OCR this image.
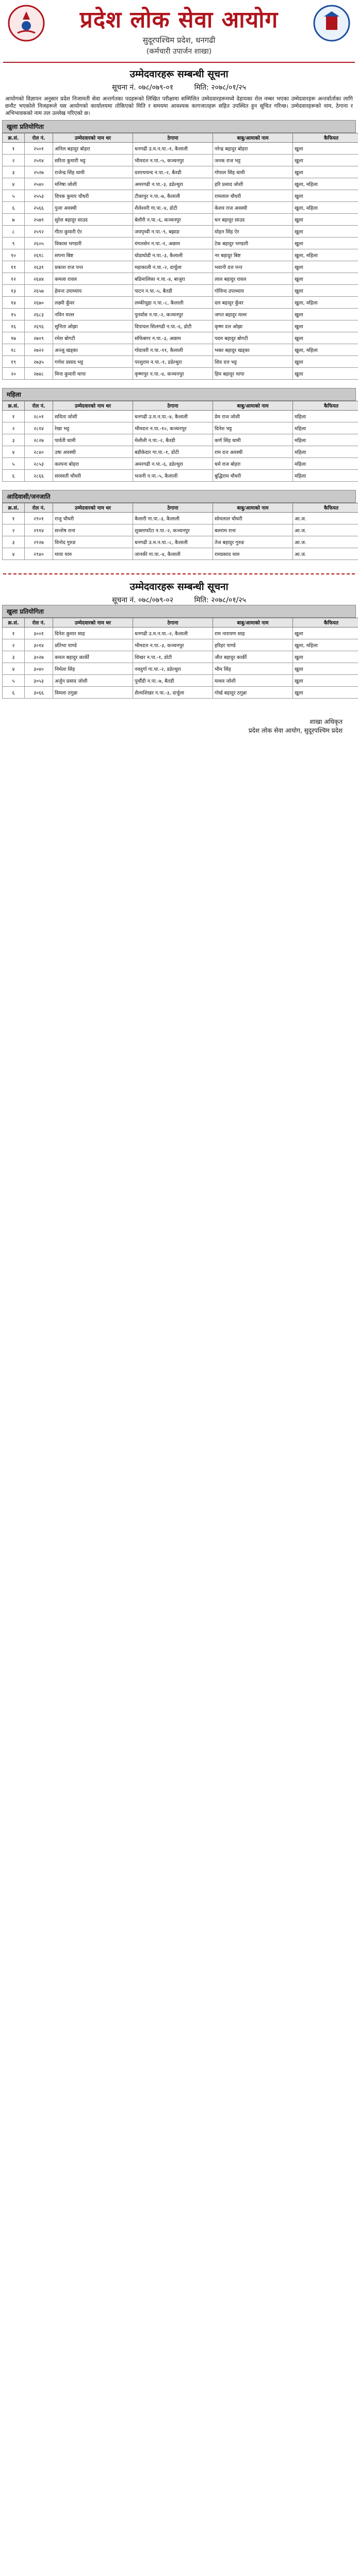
प्रदेश लोक सेवा आयोग
सुदूरपश्चिम प्रदेश, धनगढी
(कर्मचारी उपार्जन शाखा)
उम्मेदवारहरू सम्बन्धी सूचना
सूचना नं. ०७८/०७९-०१	मिति: २०७८/०१/२५
आयोगको विज्ञापन अनुसार प्रदेश निजामती सेवा अन्तर्गतका पदहरूको लिखित परीक्षामा सम्मिलित उम्मेदवारहरूमध्ये देहायका रोल नम्बर भएका उम्मेदवारहरू अन्तर्वार्ताका लागि छनौट भएकोले निजहरूले यस आयोगको कार्यालयमा तोकिएको मिति र समयमा आवश्यक कागजातहरू सहित उपस्थित हुन सूचित गरिन्छ। उम्मेदवारहरूको नाम, ठेगाना र अभिभावकको नाम तल उल्लेख गरिएको छ।
खुला प्रतियोगिता
क्र.सं.	रोल नं.	उम्मेदवारको नाम थर	ठेगाना	बाबु/आमाको नाम	कैफियत
१	२५०१	अनिल बहादुर बोहरा	धनगढी उ.म.न.पा.-१, कैलाली	नरेन्द्र बहादुर बोहरा	खुला
२	२५१४	सरिता कुमारी भट्ट	भीमदत्त न.पा.-५, कञ्चनपुर	जनक राज भट्ट	खुला
३	२५२७	राजेन्द्र सिंह धामी	दशरथचन्द न.पा.-२, बैतडी	गोपाल सिंह धामी	खुला
४	२५४०	मनिषा जोशी	अमरगढी न.पा.-३, डडेल्धुरा	हरि प्रसाद जोशी	खुला, महिला
५	२५५३	दिपक कुमार चौधरी	टीकापुर न.पा.-७, कैलाली	रामलाल चौधरी	खुला
६	२५६६	पुजा अवस्थी	शैलेश्वरी गा.पा.-४, डोटी	केशव राज अवस्थी	खुला, महिला
७	२५७९	सुरेश बहादुर साउद	बेलौरी न.पा.-६, कञ्चनपुर	धन बहादुर साउद	खुला
८	२५९२	गीता कुमारी ऐर	जयपृथ्वी न.पा.-९, बझाङ	मोहन सिंह ऐर	खुला
९	२६०५	विकास भण्डारी	मंगलसेन न.पा.-१, अछाम	टेक बहादुर भण्डारी	खुला
१०	२६१८	सपना बिष्ट	घोडाघोडी न.पा.-३, कैलाली	नर बहादुर बिष्ट	खुला, महिला
११	२६३१	प्रकाश राज पन्त	महाकाली न.पा.-२, दार्चुला	भवानी दत्त पन्त	खुला
१२	२६४४	कमला रावल	बडिमालिका न.पा.-४, बाजुरा	लाल बहादुर रावल	खुला
१३	२६५७	हेमन्त उपाध्याय	पाटन न.पा.-५, बैतडी	गोविन्द उपाध्याय	खुला
१४	२६७०	लक्ष्मी कुँवर	लम्कीचुहा न.पा.-८, कैलाली	दल बहादुर कुँवर	खुला, महिला
१५	२६८३	नविन मल्ल	पुनर्वास न.पा.-२, कञ्चनपुर	जगत बहादुर मल्ल	खुला
१६	२६९६	सुनिता ओझा	दिपायल सिलगढी न.पा.-६, डोटी	कृष्ण दत्त ओझा	खुला
१७	२७०९	रमेश बोगटी	साँफेबगर न.पा.-३, अछाम	पदम बहादुर बोगटी	खुला
१८	२७२२	अञ्जु खड्का	गोदावरी न.पा.-११, कैलाली	भक्त बहादुर खड्का	खुला, महिला
१९	२७३५	गणेश प्रसाद भट्ट	परशुराम न.पा.-१, डडेल्धुरा	शिव दत्त भट्ट	खुला
२०	२७४८	मिना कुमारी थापा	कृष्णपुर न.पा.-४, कञ्चनपुर	हिम बहादुर थापा	खुला
महिला
क्र.सं.	रोल नं.	उम्मेदवारको नाम थर	ठेगाना	बाबु/आमाको नाम	कैफियत
१	२८०१	सविता जोशी	धनगढी उ.म.न.पा.-४, कैलाली	प्रेम राज जोशी	महिला
२	२८१४	रेखा भट्ट	भीमदत्त न.पा.-१०, कञ्चनपुर	दिनेश भट्ट	महिला
३	२८२७	पार्वती धामी	मेलौली न.पा.-२, बैतडी	कर्ण सिंह धामी	महिला
४	२८४०	उषा अवस्थी	बडीकेदार गा.पा.-१, डोटी	राम दत्त अवस्थी	महिला
५	२८५३	कल्पना बोहरा	अमरगढी न.पा.-६, डडेल्धुरा	धर्म राज बोहरा	महिला
६	२८६६	सरस्वती चौधरी	भजनी न.पा.-५, कैलाली	बुद्धिराम चौधरी	महिला
आदिवासी/जनजाति
क्र.सं.	रोल नं.	उम्मेदवारको नाम थर	ठेगाना	बाबु/आमाको नाम	कैफियत
१	२९०१	राजु चौधरी	कैलारी गा.पा.-३, कैलाली	सोमलाल चौधरी	आ.ज.
२	२९१४	सन्तोष राना	शुक्लाफाँटा न.पा.-२, कञ्चनपुर	बलराम राना	आ.ज.
३	२९२७	विनोद गुरुङ	धनगढी उ.म.न.पा.-८, कैलाली	तेज बहादुर गुरुङ	आ.ज.
४	२९४०	माया थारु	जानकी गा.पा.-४, कैलाली	रामप्रसाद थारु	आ.ज.
उम्मेदवारहरू सम्बन्धी सूचना
सूचना नं. ०७८/०७९-०२	मिति: २०७८/०१/२५
खुला प्रतियोगिता
क्र.सं.	रोल नं.	उम्मेदवारको नाम थर	ठेगाना	बाबु/आमाको नाम	कैफियत
१	३००१	दिनेश कुमार साह	धनगढी उ.म.न.पा.-२, कैलाली	राम नारायण साह	खुला
२	३०१४	प्रतिभा पाण्डे	भीमदत्त न.पा.-३, कञ्चनपुर	हरिहर पाण्डे	खुला, महिला
३	३०२७	कमल बहादुर कार्की	शिखर न.पा.-१, डोटी	जीत बहादुर कार्की	खुला
४	३०४०	निर्मला सिंह	नवदुर्गा गा.पा.-२, डडेल्धुरा	भीम सिंह	खुला
५	३०५३	अर्जुन प्रसाद जोशी	पुर्चौडी न.पा.-७, बैतडी	माधव जोशी	खुला
६	३०६६	विमला ठगुन्ना	शैल्यशिखर न.पा.-३, दार्चुला	गोर्ख बहादुर ठगुन्ना	खुला
शाखा अधिकृत
प्रदेश लोक सेवा आयोग, सुदूरपश्चिम प्रदेश
